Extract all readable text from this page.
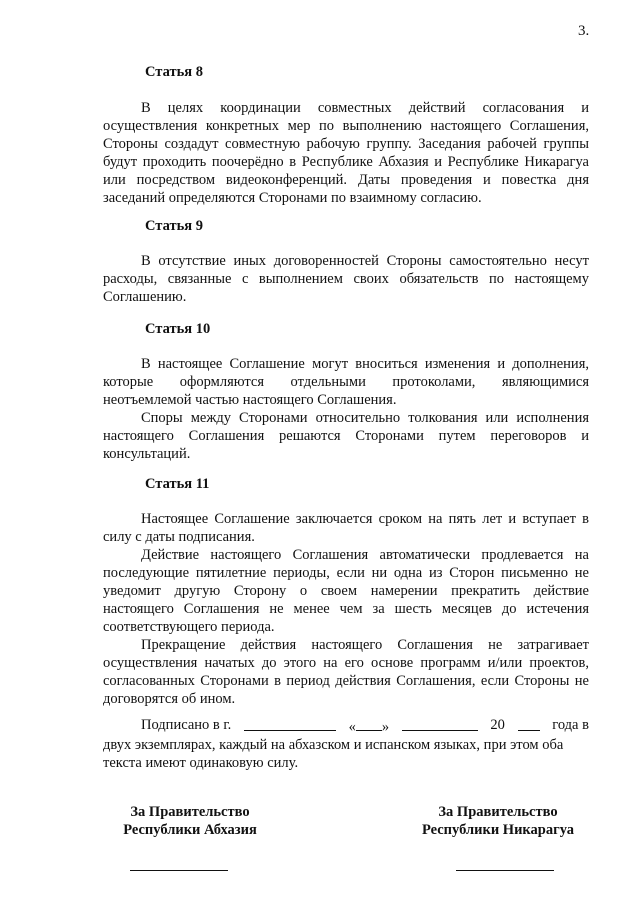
3.
Статья 8

В целях координации совместных действий согласования и осуществления конкретных мер по выполнению настоящего Соглашения, Стороны создадут совместную рабочую группу. Заседания рабочей группы будут проходить поочерёдно в Республике Абхазия и Республике Никарагуа или посредством видеоконференций. Даты проведения и повестка дня заседаний определяются Сторонами по взаимному согласию.

Статья 9

В отсутствие иных договоренностей Стороны самостоятельно несут расходы, связанные с выполнением своих обязательств по настоящему Соглашению.

Статья 10

В настоящее Соглашение могут вноситься изменения и дополнения, которые оформляются отдельными протоколами, являющимися неотъемлемой частью настоящего Соглашения.

Споры между Сторонами относительно толкования или исполнения настоящего Соглашения решаются Сторонами путем переговоров и консультаций.

Статья 11

Настоящее Соглашение заключается сроком на пять лет и вступает в силу с даты подписания.

Действие настоящего Соглашения автоматически продлевается на последующие пятилетние периоды, если ни одна из Сторон письменно не уведомит другую Сторону о своем намерении прекратить действие настоящего Соглашения не менее чем за шесть месяцев до истечения соответствующего периода.

Прекращение действия настоящего Соглашения не затрагивает осуществления начатых до этого на его основе программ и/или проектов, согласованных Сторонами в период действия Соглашения, если Стороны не договорятся об ином.

Подписано в г.	« »	20	года в
двух экземплярах, каждый на абхазском и испанском языках, при этом оба текста имеют одинаковую силу.
За Правительство
Республики Абхазия
За Правительство
Республики Никарагуа
